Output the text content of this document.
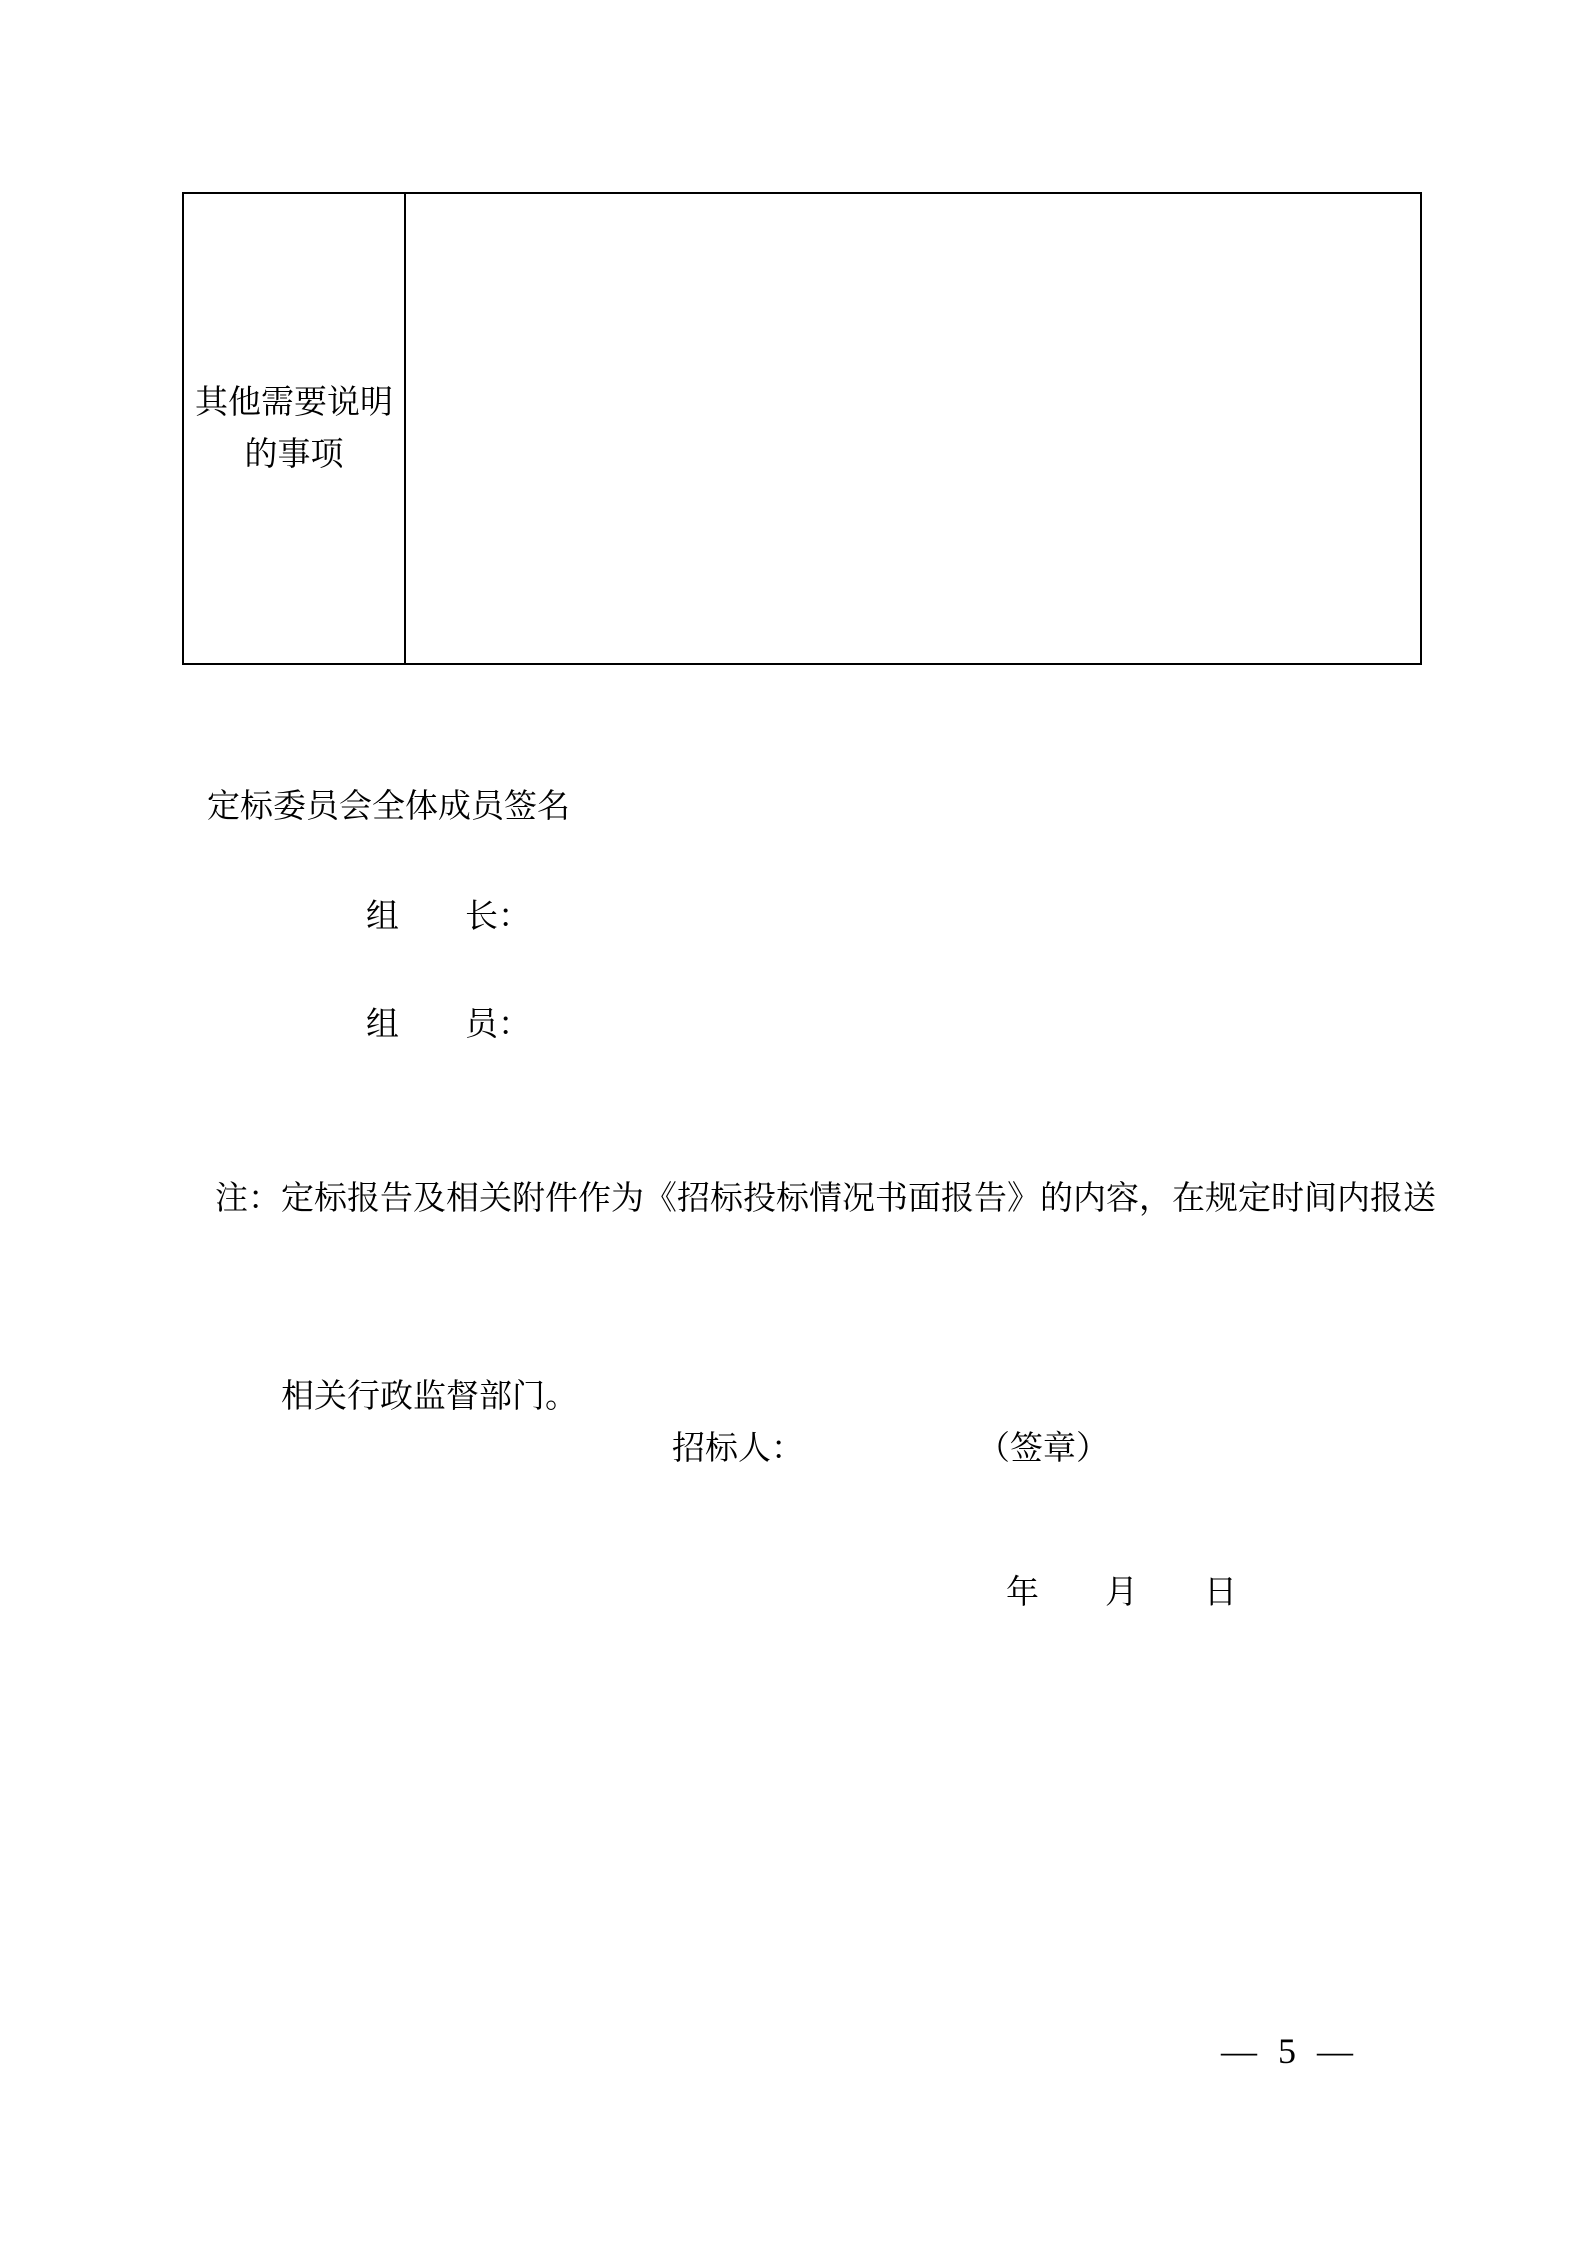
其他需要说明
的事项
定标委员会全体成员签名
组　　长：
组　　员：

注：定标报告及相关附件作为《招标投标情况书面报告》的内容，在规定时间内报送

相关行政监督部门。

招标人：	（签章）
年　　月　　日
— 5 —
